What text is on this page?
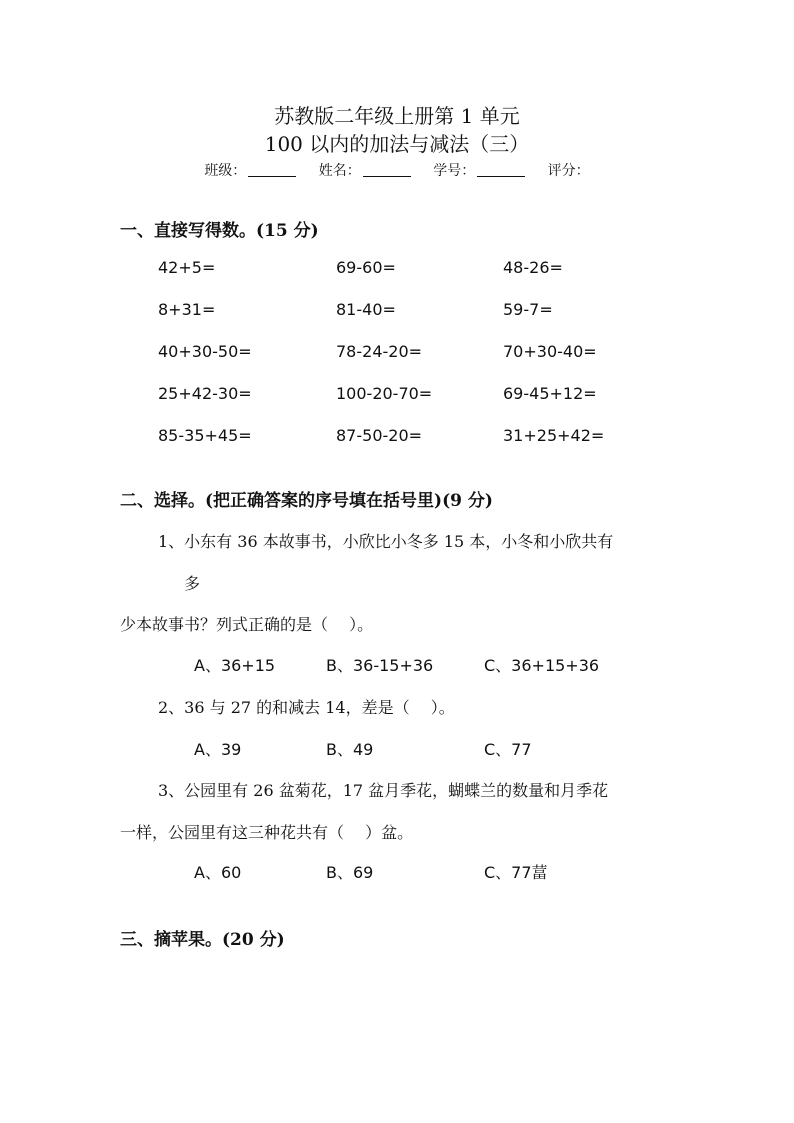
苏教版二年级上册第 1 单元
100 以内的加法与减法（三）
班级：	姓名：	学号：	评分：
一、直接写得数。(15 分)
42+5=	69-60=	48-26=
8+31=	81-40=	59-7=
40+30-50=	78-24-20=	70+30-40=
25+42-30=	100-20-70=	69-45+12=
85-35+45=	87-50-20=	31+25+42=
二、选择。(把正确答案的序号填在括号里)(9 分)
1、小东有 36 本故事书，小欣比小冬多 15 本，小冬和小欣共有
多
少本故事书？列式正确的是（　 ）。
A、36+15	B、36-15+36	C、36+15+36
2、36 与 27 的和减去 14，差是（　 ）。
A、39	B、49	C、77
3、公园里有 26 盆菊花，17 盆月季花，蝴蝶兰的数量和月季花
一样，公园里有这三种花共有（　 ）盆。
A、60	B、69	C、77葍
三、摘苹果。(20 分)
